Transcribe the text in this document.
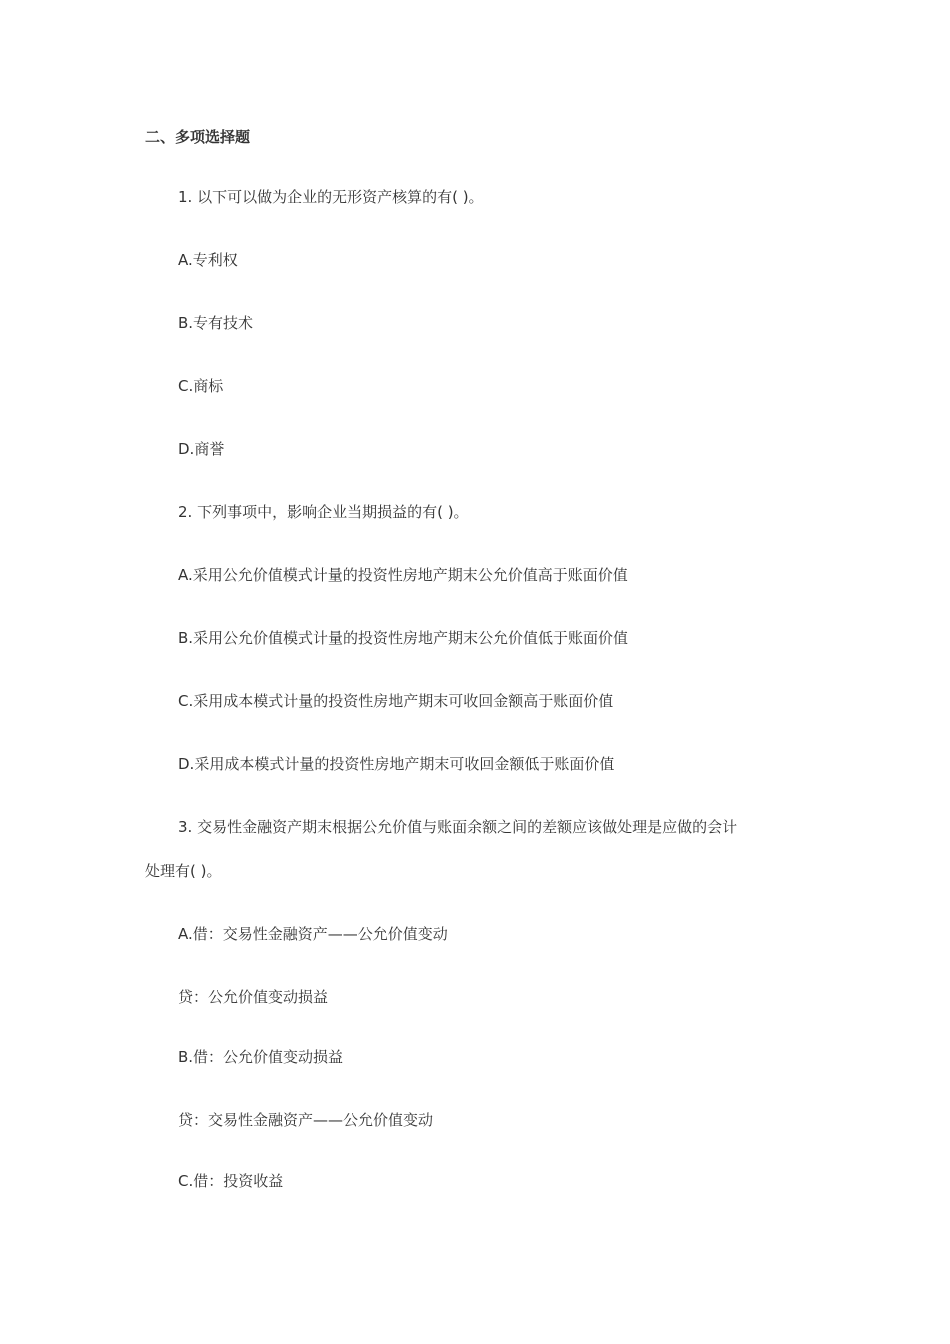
二、多项选择题
1. 以下可以做为企业的无形资产核算的有( )。
A.专利权
B.专有技术
C.商标
D.商誉
2. 下列事项中，影响企业当期损益的有( )。
A.采用公允价值模式计量的投资性房地产期末公允价值高于账面价值
B.采用公允价值模式计量的投资性房地产期末公允价值低于账面价值
C.采用成本模式计量的投资性房地产期末可收回金额高于账面价值
D.采用成本模式计量的投资性房地产期末可收回金额低于账面价值
3. 交易性金融资产期末根据公允价值与账面余额之间的差额应该做处理是应做的会计
处理有( )。
A.借：交易性金融资产——公允价值变动
贷：公允价值变动损益
B.借：公允价值变动损益
贷：交易性金融资产——公允价值变动
C.借：投资收益
